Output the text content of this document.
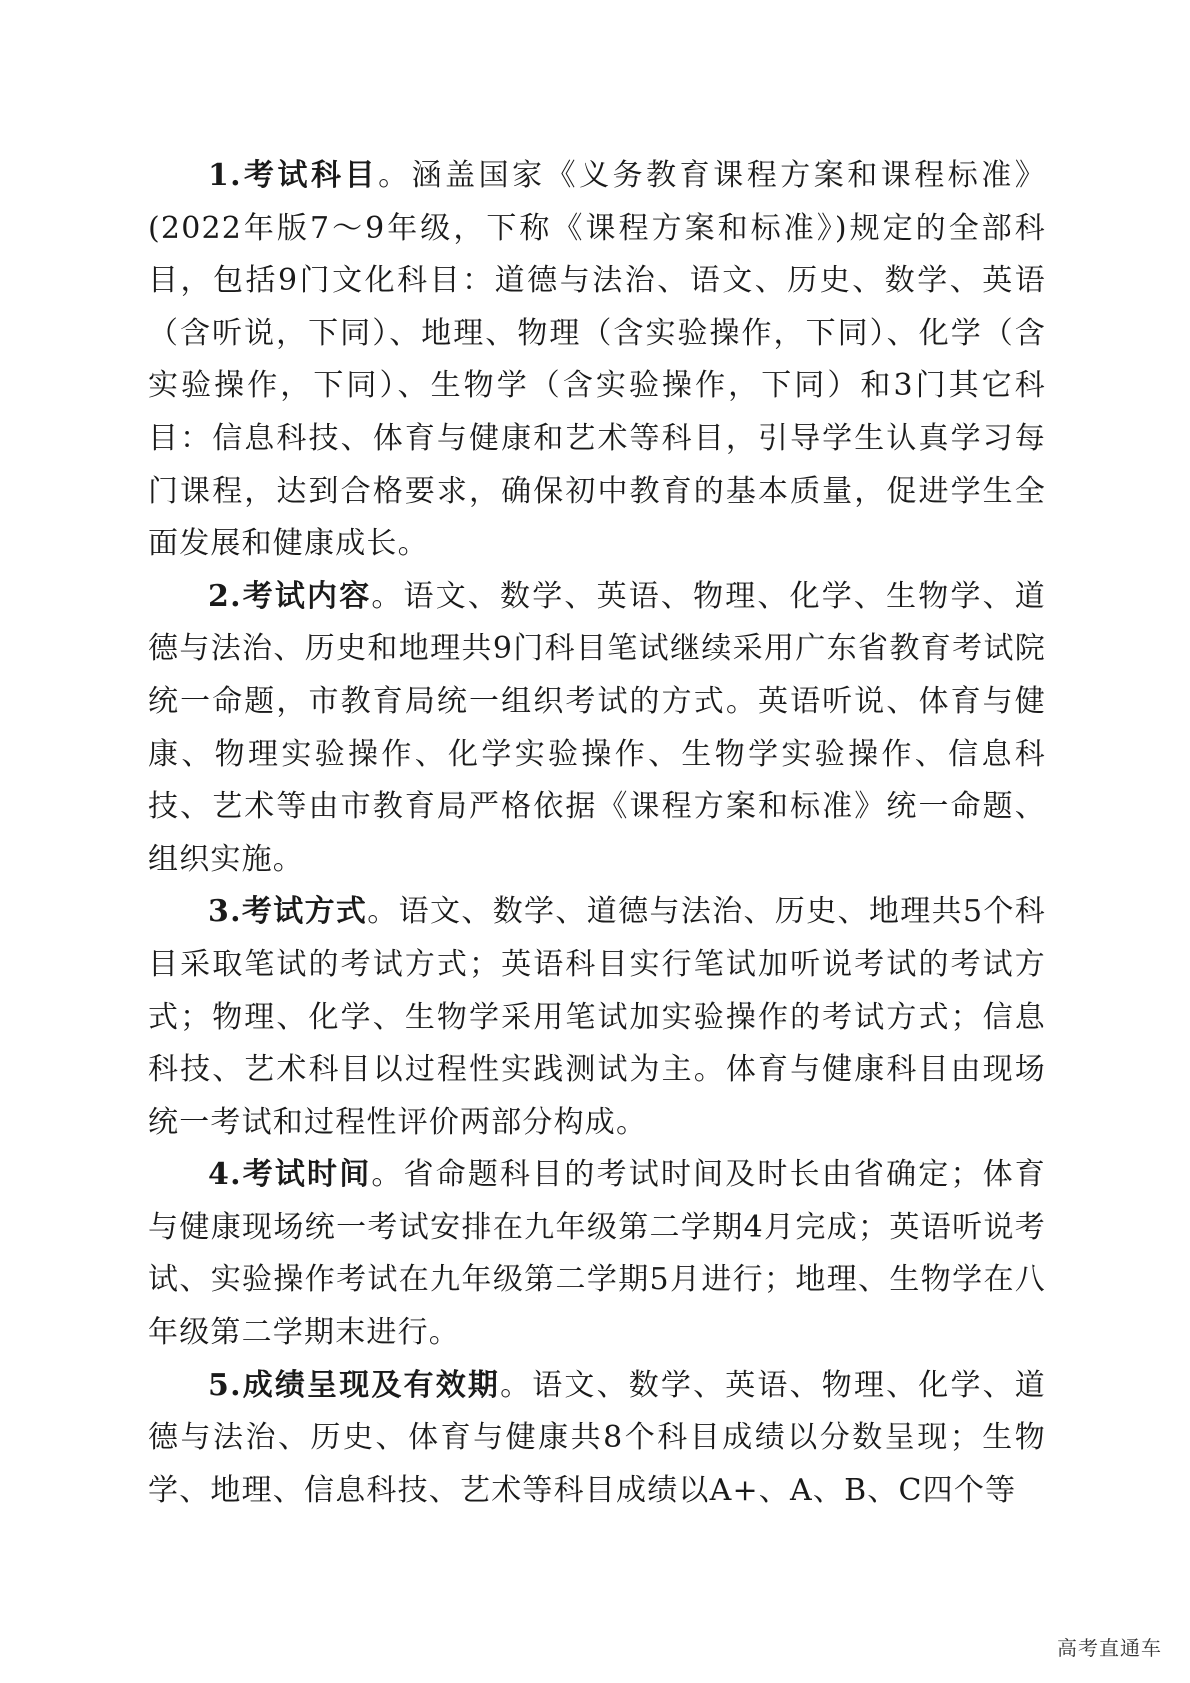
1.考试科目。涵盖国家《义务教育课程方案和课程标准》(2022年版7～9年级，下称《课程方案和标准》)规定的全部科目，包括9门文化科目：道德与法治、语文、历史、数学、英语（含听说，下同）、地理、物理（含实验操作，下同）、化学（含实验操作，下同）、生物学（含实验操作，下同）和3门其它科目：信息科技、体育与健康和艺术等科目，引导学生认真学习每门课程，达到合格要求，确保初中教育的基本质量，促进学生全面发展和健康成长。

2.考试内容。语文、数学、英语、物理、化学、生物学、道德与法治、历史和地理共9门科目笔试继续采用广东省教育考试院统一命题，市教育局统一组织考试的方式。英语听说、体育与健康、物理实验操作、化学实验操作、生物学实验操作、信息科技、艺术等由市教育局严格依据《课程方案和标准》统一命题、组织实施。

3.考试方式。语文、数学、道德与法治、历史、地理共5个科目采取笔试的考试方式；英语科目实行笔试加听说考试的考试方式；物理、化学、生物学采用笔试加实验操作的考试方式；信息科技、艺术科目以过程性实践测试为主。体育与健康科目由现场统一考试和过程性评价两部分构成。

4.考试时间。省命题科目的考试时间及时长由省确定；体育与健康现场统一考试安排在九年级第二学期4月完成；英语听说考试、实验操作考试在九年级第二学期5月进行；地理、生物学在八年级第二学期末进行。

5.成绩呈现及有效期。语文、数学、英语、物理、化学、道德与法治、历史、体育与健康共8个科目成绩以分数呈现；生物学、地理、信息科技、艺术等科目成绩以A+、A、B、C四个等

高考直通车
